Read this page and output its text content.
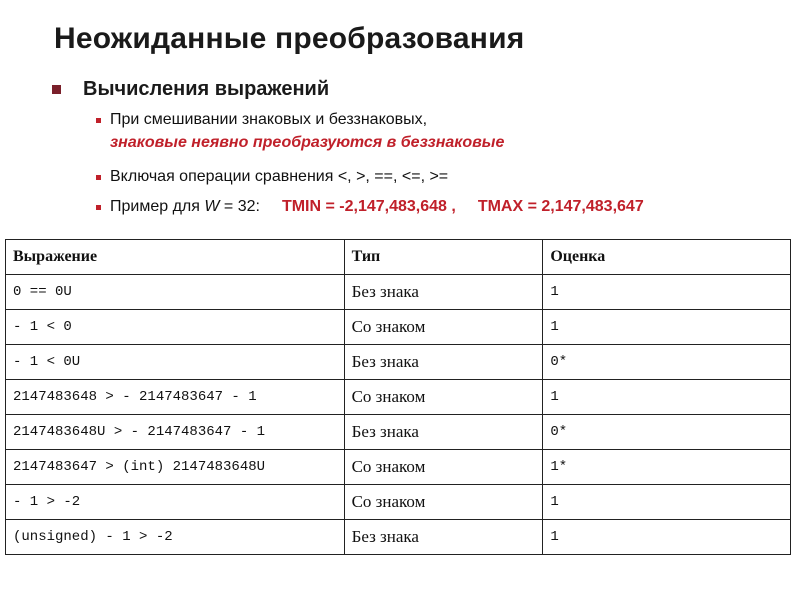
Неожиданные преобразования
Вычисления выражений
При смешивании знаковых и беззнаковых,
знаковые неявно преобразуются в беззнаковые
Включая операции сравнения <, >, ==, <=, >=
Пример для W = 32: TMIN = -2,147,483,648 , TMAX = 2,147,483,647
Выражение	Тип	Оценка
0 == 0U	Без знака	1
- 1 < 0	Со знаком	1
- 1 < 0U	Без знака	0*
2147483648 > - 2147483647 - 1	Со знаком	1
2147483648U > - 2147483647 - 1	Без знака	0*
2147483647 > (int) 2147483648U	Со знаком	1*
- 1 > -2	Со знаком	1
(unsigned) - 1 > -2	Без знака	1
